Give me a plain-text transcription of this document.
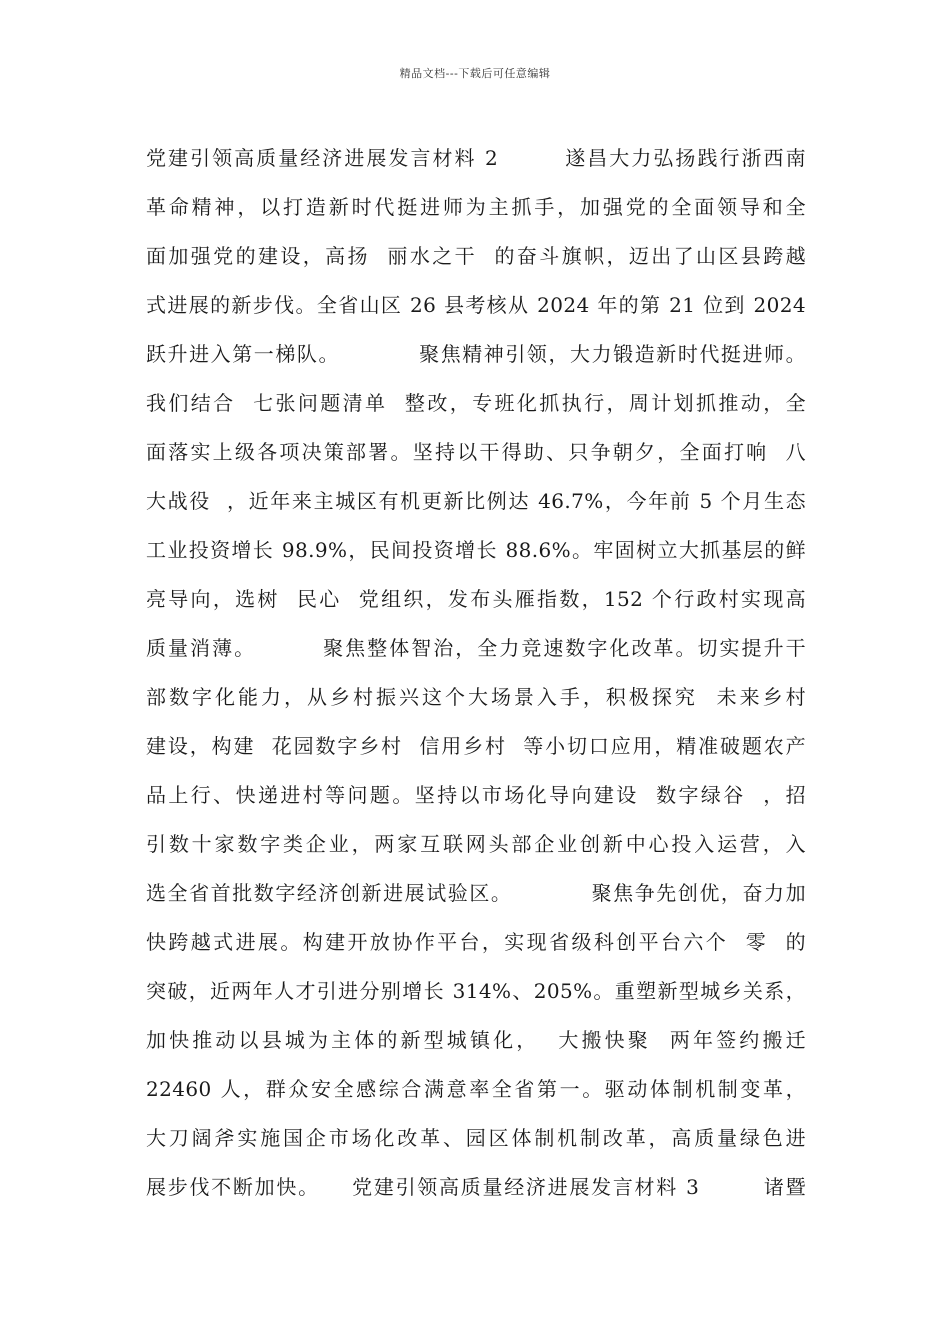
精品文档---下载后可任意编辑
党建引领高质量经济进展发言材料 2        遂昌大力弘扬践行浙西南
革命精神，以打造新时代挺进师为主抓手，加强党的全面领导和全
面加强党的建设，高扬  丽水之干  的奋斗旗帜，迈出了山区县跨越
式进展的新步伐。全省山区 26 县考核从 2024 年的第 21 位到 2024
跃升进入第一梯队。          聚焦精神引领，大力锻造新时代挺进师。
我们结合  七张问题清单  整改，专班化抓执行，周计划抓推动，全
面落实上级各项决策部署。坚持以干得助、只争朝夕，全面打响  八
大战役  ，近年来主城区有机更新比例达 46.7%，今年前 5 个月生态
工业投资增长 98.9%，民间投资增长 88.6%。牢固树立大抓基层的鲜
亮导向，选树  民心  党组织，发布头雁指数，152 个行政村实现高
质量消薄。        聚焦整体智治，全力竞速数字化改革。切实提升干
部数字化能力，从乡村振兴这个大场景入手，积极探究  未来乡村
建设，构建  花园数字乡村  信用乡村  等小切口应用，精准破题农产
品上行、快递进村等问题。坚持以市场化导向建设  数字绿谷  ，招
引数十家数字类企业，两家互联网头部企业创新中心投入运营，入
选全省首批数字经济创新进展试验区。          聚焦争先创优，奋力加
快跨越式进展。构建开放协作平台，实现省级科创平台六个  零  的
突破，近两年人才引进分别增长 314%、205%。重塑新型城乡关系，
加快推动以县城为主体的新型城镇化，  大搬快聚  两年签约搬迁
22460 人，群众安全感综合满意率全省第一。驱动体制机制变革，
大刀阔斧实施国企市场化改革、园区体制机制改革，高质量绿色进
展步伐不断加快。    党建引领高质量经济进展发言材料 3        诸暨
